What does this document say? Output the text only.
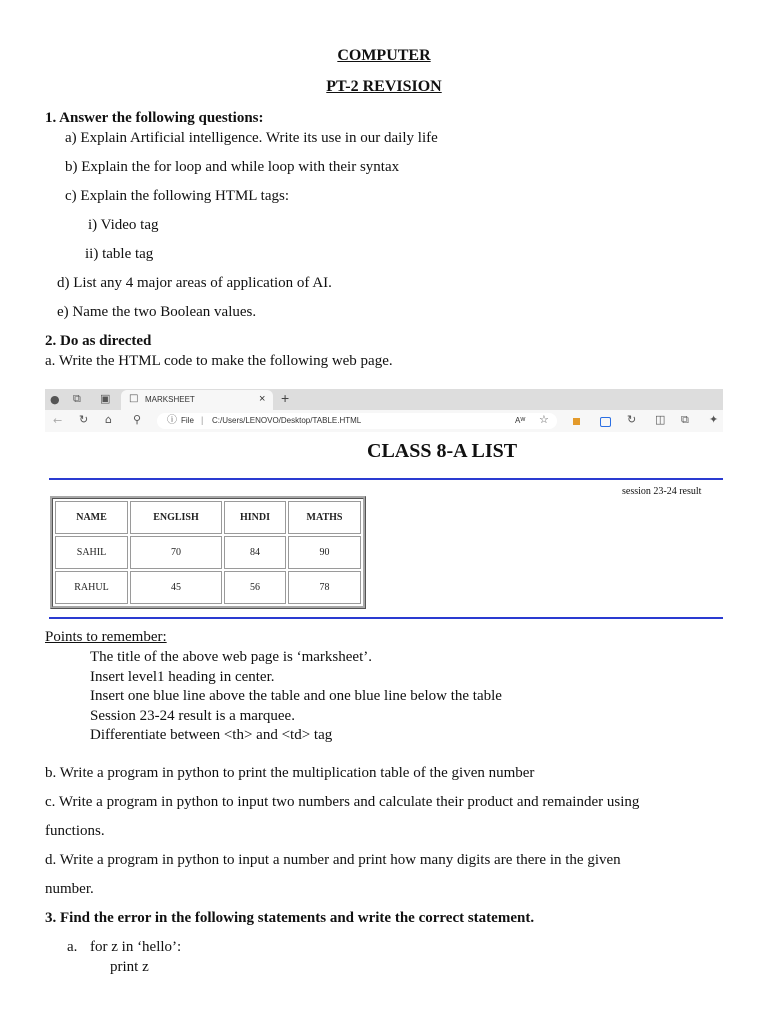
COMPUTER
PT-2 REVISION
1. Answer the following questions:
a) Explain Artificial intelligence. Write its use in our daily life
b) Explain the for loop and while loop with their syntax
c) Explain the following HTML tags:
i) Video tag
ii) table tag
d) List any 4 major areas of application of AI.
e) Name the two Boolean values.
2. Do as directed
a. Write the HTML code to make the following web page.
● ⧉ ▣ □ MARKSHEET	× +
← ↻ ⌂ ⚲	ⓘ File | C:/Users/LENOVO/Desktop/TABLE.HTML	Aᵂ ☆	↻ ◫ ⧉ ✦
CLASS 8-A LIST
session 23-24 result
NAME	ENGLISH	HINDI	MATHS
SAHIL	70	84	90
RAHUL	45	56	78
Points to remember:
The title of the above web page is ‘marksheet’.
Insert level1 heading in center.
Insert one blue line above the table and one blue line below the table
Session 23-24 result is a marquee.
Differentiate between <th> and <td> tag
b. Write a program in python to print the multiplication table of the given number
c. Write a program in python to input two numbers and calculate their product and remainder using
functions.
d. Write a program in python to input a number and print how many digits are there in the given
number.
3. Find the error in the following statements and write the correct statement.
a. for z in ‘hello’:
print z
